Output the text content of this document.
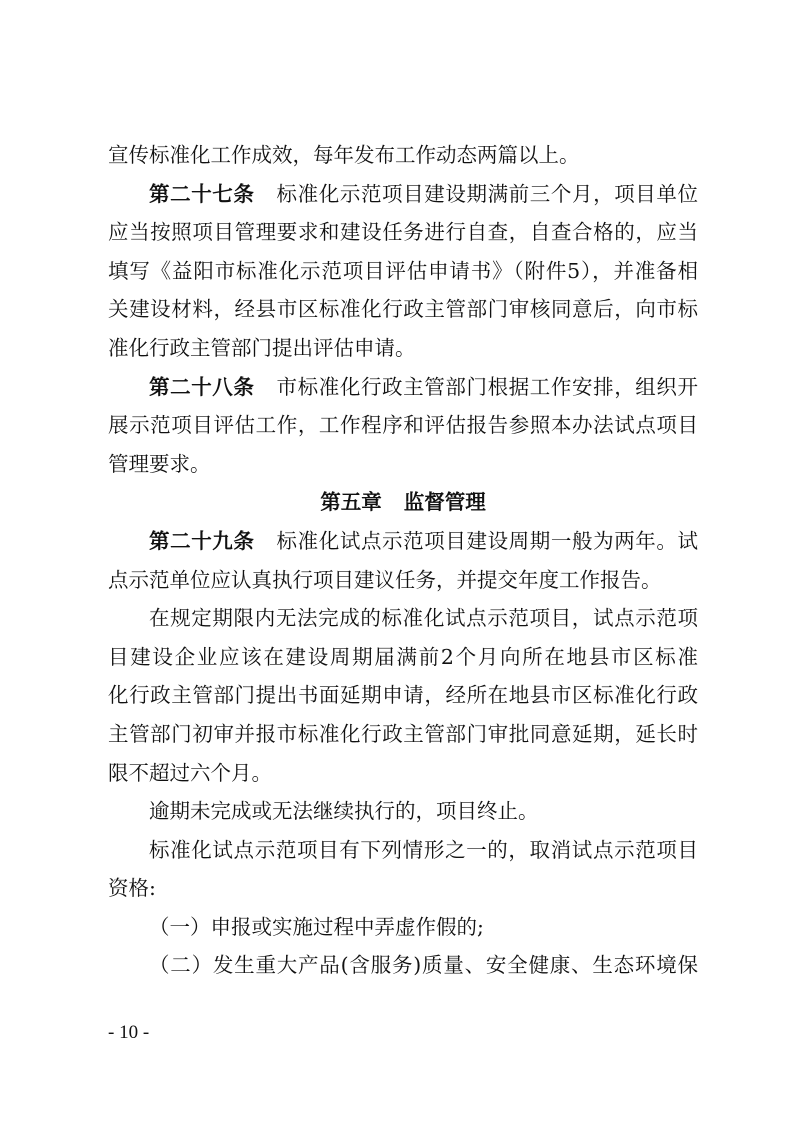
宣传标准化工作成效，每年发布工作动态两篇以上。
第二十七条 标准化示范项目建设期满前三个月，项目单位
应当按照项目管理要求和建设任务进行自查，自查合格的，应当
填写《益阳市标准化示范项目评估申请书》（附件5），并准备相
关建设材料，经县市区标准化行政主管部门审核同意后，向市标
准化行政主管部门提出评估申请。
第二十八条 市标准化行政主管部门根据工作安排，组织开
展示范项目评估工作，工作程序和评估报告参照本办法试点项目
管理要求。
第五章 监督管理
第二十九条 标准化试点示范项目建设周期一般为两年。试
点示范单位应认真执行项目建议任务，并提交年度工作报告。
在规定期限内无法完成的标准化试点示范项目，试点示范项
目建设企业应该在建设周期届满前2个月向所在地县市区标准
化行政主管部门提出书面延期申请，经所在地县市区标准化行政
主管部门初审并报市标准化行政主管部门审批同意延期，延长时
限不超过六个月。
逾期未完成或无法继续执行的，项目终止。
标准化试点示范项目有下列情形之一的，取消试点示范项目
资格:
（一）申报或实施过程中弄虚作假的;
（二）发生重大产品(含服务)质量、安全健康、生态环境保
- 10 -
